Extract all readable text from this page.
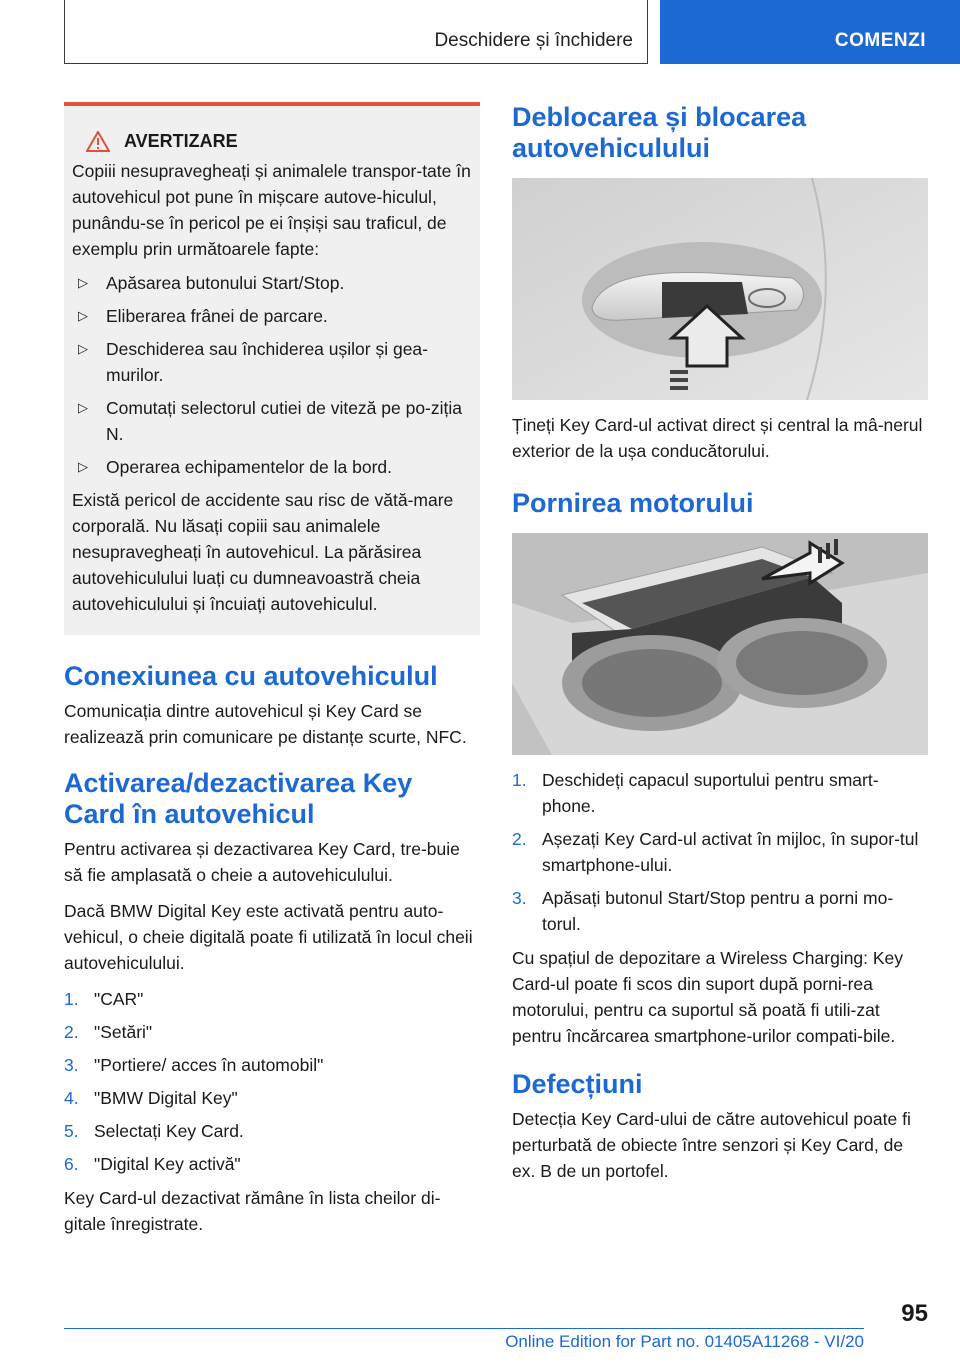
Deschidere și închidere	COMENZI
AVERTIZARE

Copiii nesupravegheați și animalele transpor-tate în autovehicul pot pune în mișcare autove-hiculul, punându-se în pericol pe ei înșiși sau traficul, de exemplu prin următoarele fapte:

▷ Apăsarea butonului Start/Stop.
▷ Eliberarea frânei de parcare.
▷ Deschiderea sau închiderea ușilor și gea-murilor.
▷ Comutați selectorul cutiei de viteză pe po-ziția N.
▷ Operarea echipamentelor de la bord.

Există pericol de accidente sau risc de vătă-mare corporală. Nu lăsați copiii sau animalele nesupravegheați în autovehicul. La părăsirea autovehiculului luați cu dumneavoastră cheia autovehiculului și încuiați autovehiculul.

Conexiunea cu autovehiculul

Comunicația dintre autovehicul și Key Card se realizează prin comunicare pe distanțe scurte, NFC.

Activarea/dezactivarea Key Card în autovehicul

Pentru activarea și dezactivarea Key Card, tre-buie să fie amplasată o cheie a autovehiculului.

Dacă BMW Digital Key este activată pentru auto-vehicul, o cheie digitală poate fi utilizată în locul cheii autovehiculului.

1. "CAR"
2. "Setări"
3. "Portiere/ acces în automobil"
4. "BMW Digital Key"
5. Selectați Key Card.
6. "Digital Key activă"

Key Card-ul dezactivat rămâne în lista cheilor di-gitale înregistrate.

Deblocarea și blocarea autovehiculului

Țineți Key Card-ul activat direct și central la mâ-nerul exterior de la ușa conducătorului.

Pornirea motorului
1. Deschideți capacul suportului pentru smart-phone.
2. Așezați Key Card-ul activat în mijloc, în supor-tul smartphone-ului.
3. Apăsați butonul Start/Stop pentru a porni mo-torul.

Cu spațiul de depozitare a Wireless Charging: Key Card-ul poate fi scos din suport după porni-rea motorului, pentru ca suportul să poată fi utili-zat pentru încărcarea smartphone-urilor compati-bile.

Defecțiuni

Detecția Key Card-ului de către autovehicul poate fi perturbată de obiecte între senzori și Key Card, de ex. B de un portofel.

95
Online Edition for Part no. 01405A11268 - VI/20
